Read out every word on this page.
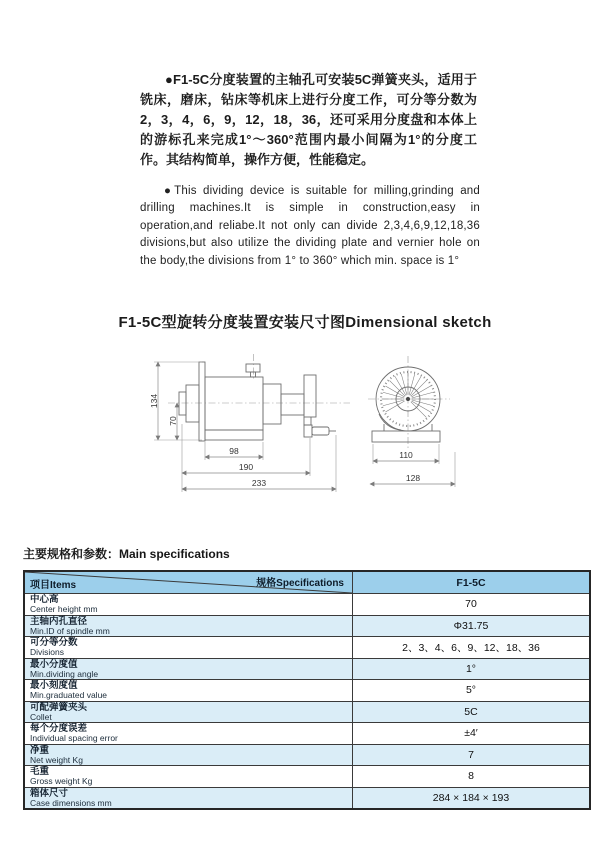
●F1-5C分度装置的主轴孔可安装5C弹簧夹头，适用于铣床，磨床，钻床等机床上进行分度工作，可分等分数为2，3，4，6，9，12，18，36，还可采用分度盘和本体上的游标孔来完成1°～360°范围内最小间隔为1°的分度工作。其结构简单，操作方便，性能稳定。

●This dividing device is suitable for milling,grinding and drilling machines.It is simple in construction,easy in operation,and reliabe.It not only can divide 2,3,4,6,9,12,18,36 divisions,but also utilize the dividing plate and vernier hole on the body,the divisions from 1° to 360° which min. space is 1°

F1-5C型旋转分度装置安装尺寸图Dimensional sketch
134
70
98
190
233
110
128
主要规格和参数：Main specifications
项目Items 规格Specifications	F1-5C

中心高
Center height mm	70

主轴内孔直径
Min.ID of spindle mm	Φ31.75

可分等分数
Divisions	2、3、4、6、9、12、18、36

最小分度值
Min.dividing angle	1°

最小刻度值
Min.graduated value	5°

可配弹簧夹头
Collet	5C

每个分度误差
Individual spacing error	±4′

净重
Net weight Kg	7

毛重
Gross weight Kg	8

箱体尺寸
Case dimensions mm	284 × 184 × 193
